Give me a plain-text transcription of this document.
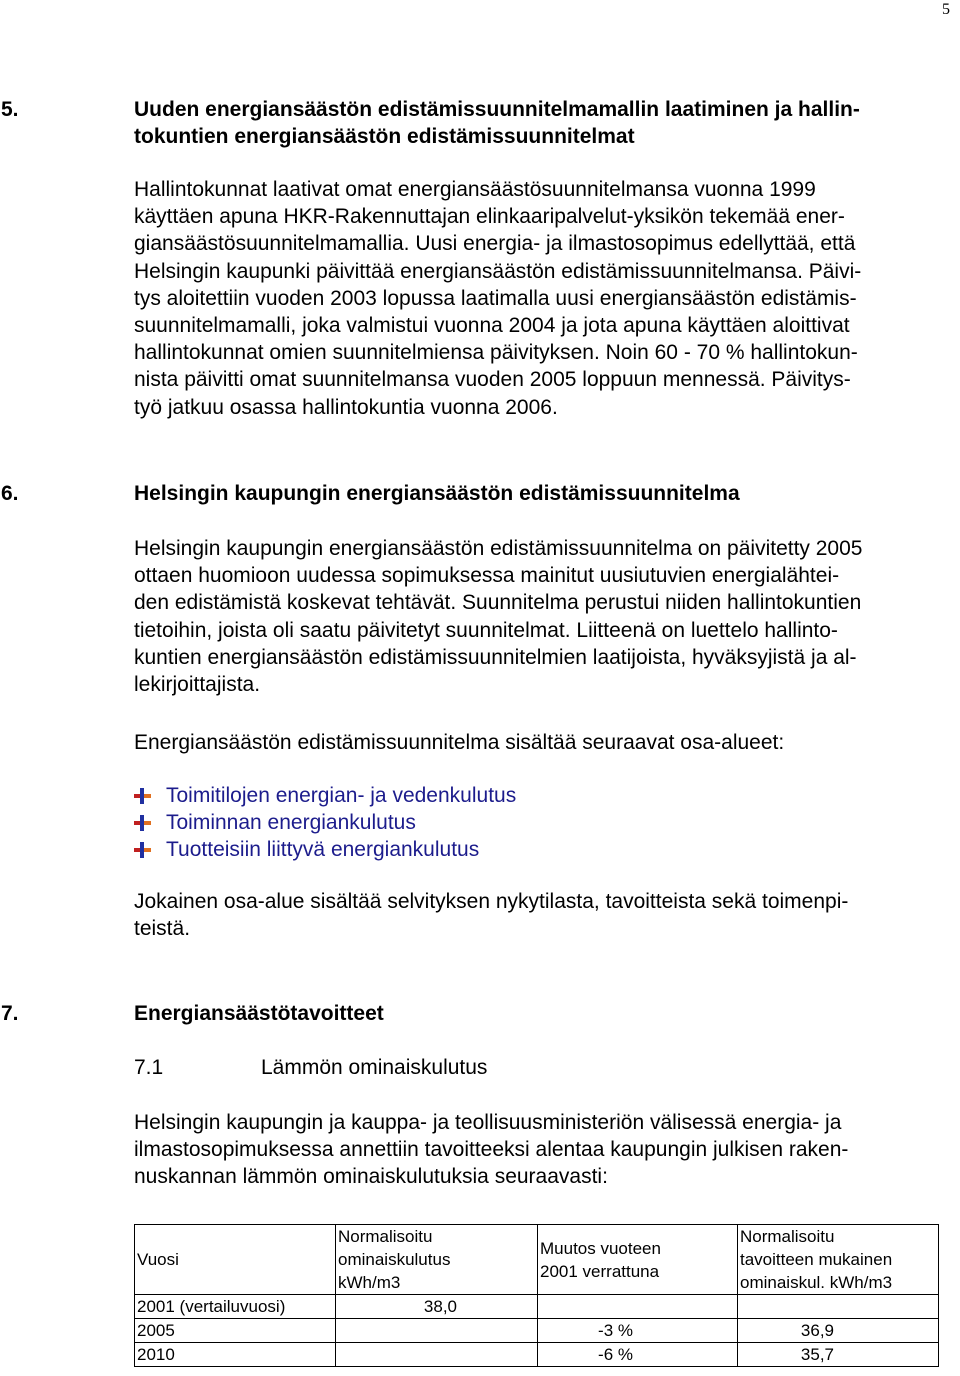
5
5.	Uuden energiansäästön edistämissuunnitelmamallin laatiminen ja hallin-
tokuntien energiansäästön edistämissuunnitelmat
Hallintokunnat laativat omat energiansäästösuunnitelmansa vuonna 1999
käyttäen apuna HKR-Rakennuttajan elinkaaripalvelut-yksikön tekemää ener-
giansäästösuunnitelmamallia. Uusi energia- ja ilmastosopimus edellyttää, että
Helsingin kaupunki päivittää energiansäästön edistämissuunnitelmansa. Päivi-
tys aloitettiin vuoden 2003 lopussa laatimalla uusi energiansäästön edistämis-
suunnitelmamalli, joka valmistui vuonna 2004 ja jota apuna käyttäen aloittivat
hallintokunnat omien suunnitelmiensa päivityksen. Noin 60 - 70 % hallintokun-
nista päivitti omat suunnitelmansa vuoden 2005 loppuun mennessä. Päivitys-
työ jatkuu osassa hallintokuntia vuonna 2006.
6.	Helsingin kaupungin energiansäästön edistämissuunnitelma
Helsingin kaupungin energiansäästön edistämissuunnitelma on päivitetty 2005
ottaen huomioon uudessa sopimuksessa mainitut uusiutuvien energialähtei-
den edistämistä koskevat tehtävät. Suunnitelma perustui niiden hallintokuntien
tietoihin, joista oli saatu päivitetyt suunnitelmat. Liitteenä on luettelo hallinto-
kuntien energiansäästön edistämissuunnitelmien laatijoista, hyväksyjistä ja al-
lekirjoittajista.
Energiansäästön edistämissuunnitelma sisältää seuraavat osa-alueet:
Toimitilojen energian- ja vedenkulutus
Toiminnan energiankulutus
Tuotteisiin liittyvä energiankulutus
Jokainen osa-alue sisältää selvityksen nykytilasta, tavoitteista sekä toimenpi-
teistä.
7.	Energiansäästötavoitteet
7.1	Lämmön ominaiskulutus
Helsingin kaupungin ja kauppa- ja teollisuusministeriön välisessä energia- ja
ilmastosopimuksessa annettiin tavoitteeksi alentaa kaupungin julkisen raken-
nuskannan lämmön ominaiskulutuksia seuraavasti:
Vuosi	Normalisoitu
ominaiskulutus
kWh/m3	Muutos vuoteen
2001 verrattuna	Normalisoitu
tavoitteen mukainen
ominaiskul. kWh/m3

2001 (vertailuvuosi)	38,0		
2005		-3 %	36,9
2010		-6 %	35,7
